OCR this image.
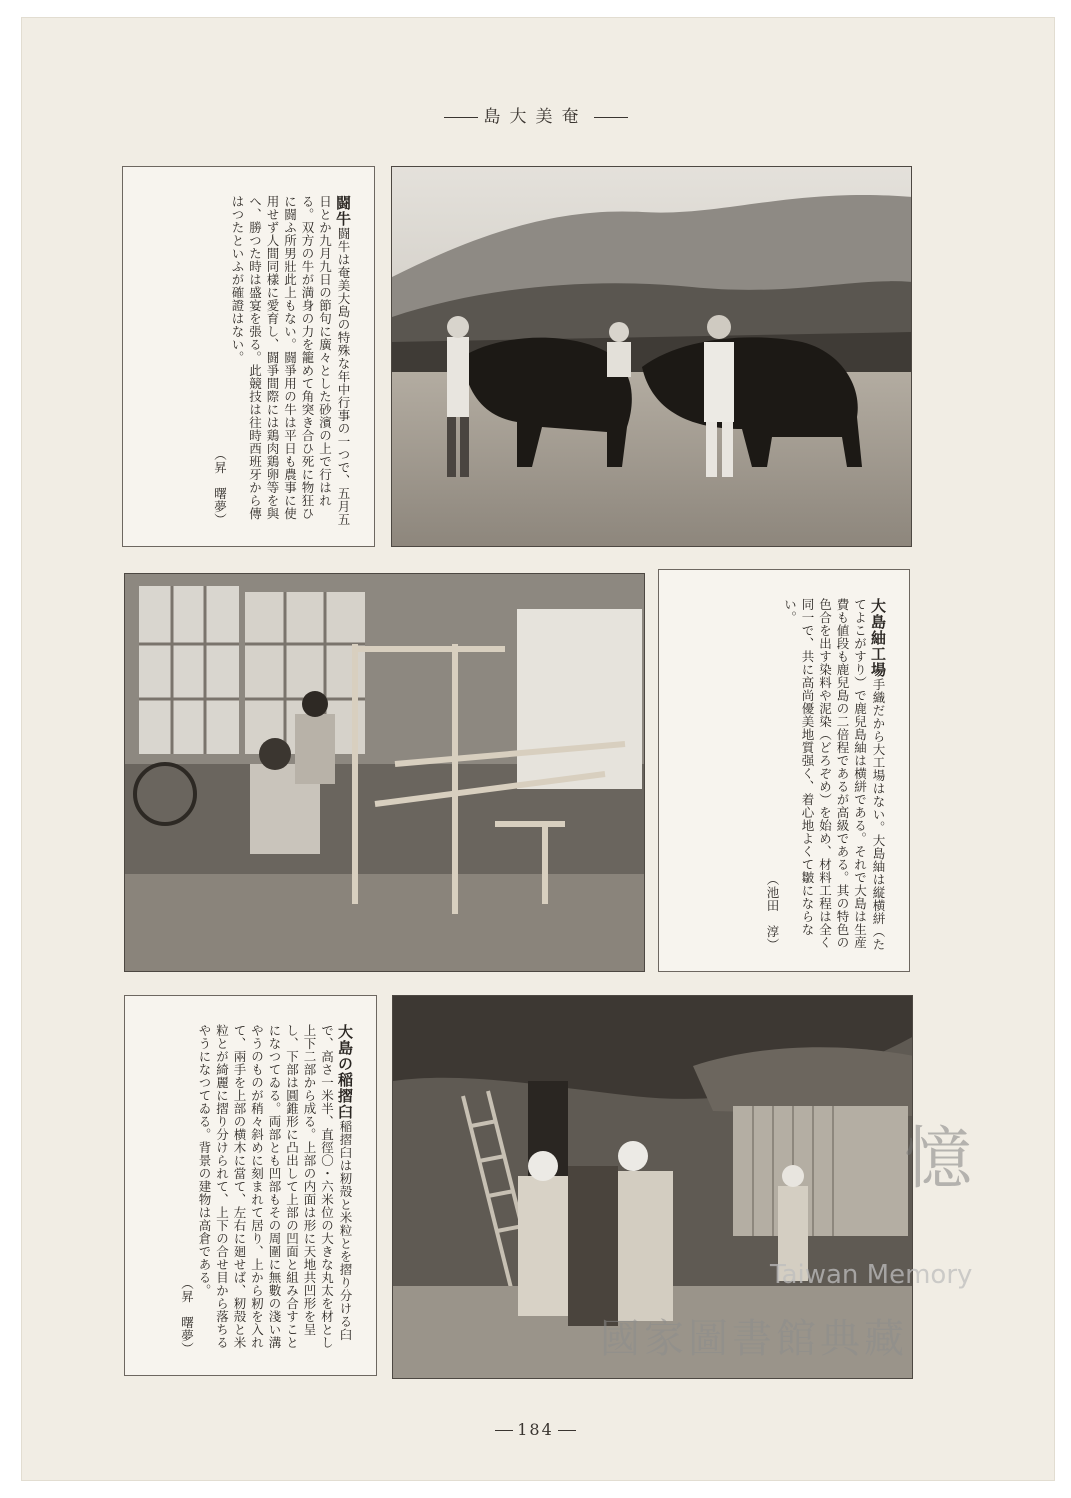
島大美奄
闘牛闘牛は奄美大島の特殊な年中行事の一つで、五月五日とか九月九日の節句に廣々とした砂濱の上で行はれる。双方の牛が満身の力を籠めて角突き合ひ死に物狂ひに闘ふ所男壯此上もない。闘爭用の牛は平日も農事に使用せず人間同樣に愛育し、闘爭間際には鶏肉鶏卵等を與へ、勝つた時は盛宴を張る。此競技は往時西班牙から傳はつたといふが確證はない。
（昇　曙夢）
大島紬工場手織だから大工場はない。大島紬は縦横絣（たてよこがすり）で鹿兒島紬は横絣である。それで大島は生産費も値段も鹿兒島の二倍程であるが高級である。其の特色の色合を出す染料や泥染（どろぞめ）を始め、材料工程は全く同一で、共に高尚優美地質强く、着心地よくて皺にならない。
（池田　淳）
大島の稲摺臼稲摺臼は籾殻と米粒とを摺り分ける臼で、高さ一米半、直徑〇・六米位の大きな丸太を材とし上下二部から成る。上部の内面は形に天地共凹形を呈し、下部は圓錐形に凸出して上部の凹面と組み合すことになつてゐる。両部とも凹部もその周圍に無數の淺い溝やうのものが稍々斜めに刻まれて居り、上から籾を入れて、兩手を上部の横木に當て、左右に廻せば、籾殻と米粒とが綺麗に摺り分けられて、上下の合せ目から落ちるやうになつてゐる。背景の建物は高倉である。
（昇　曙夢）
憶
Taiwan Memory
國家圖書館典藏
184
